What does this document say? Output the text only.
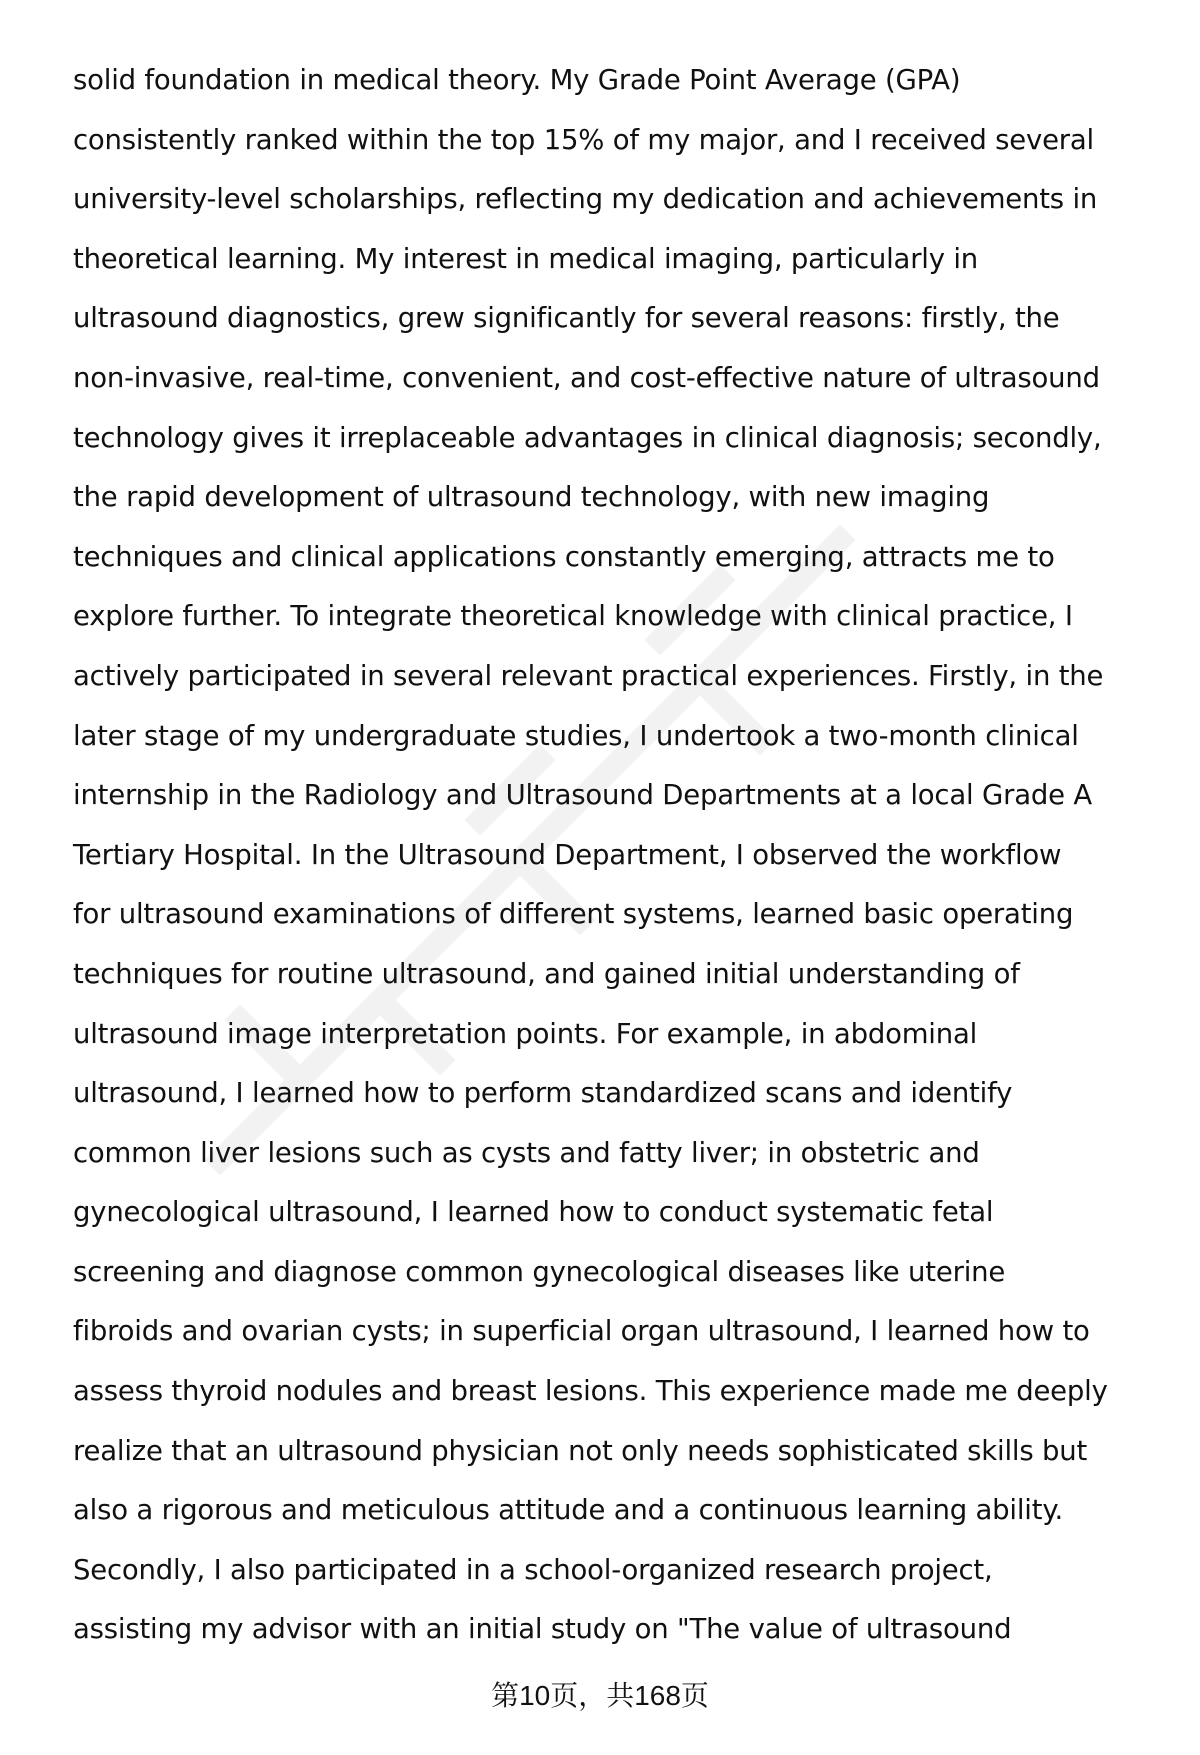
solid foundation in medical theory. My Grade Point Average (GPA)
consistently ranked within the top 15% of my major, and I received several
university-level scholarships, reflecting my dedication and achievements in
theoretical learning. My interest in medical imaging, particularly in
ultrasound diagnostics, grew significantly for several reasons: firstly, the
non-invasive, real-time, convenient, and cost-effective nature of ultrasound
technology gives it irreplaceable advantages in clinical diagnosis; secondly,
the rapid development of ultrasound technology, with new imaging
techniques and clinical applications constantly emerging, attracts me to
explore further. To integrate theoretical knowledge with clinical practice, I
actively participated in several relevant practical experiences. Firstly, in the
later stage of my undergraduate studies, I undertook a two-month clinical
internship in the Radiology and Ultrasound Departments at a local Grade A
Tertiary Hospital. In the Ultrasound Department, I observed the workflow
for ultrasound examinations of different systems, learned basic operating
techniques for routine ultrasound, and gained initial understanding of
ultrasound image interpretation points. For example, in abdominal
ultrasound, I learned how to perform standardized scans and identify
common liver lesions such as cysts and fatty liver; in obstetric and
gynecological ultrasound, I learned how to conduct systematic fetal
screening and diagnose common gynecological diseases like uterine
fibroids and ovarian cysts; in superficial organ ultrasound, I learned how to
assess thyroid nodules and breast lesions. This experience made me deeply
realize that an ultrasound physician not only needs sophisticated skills but
also a rigorous and meticulous attitude and a continuous learning ability.
Secondly, I also participated in a school-organized research project,
assisting my advisor with an initial study on "The value of ultrasound
第10页，共168页
